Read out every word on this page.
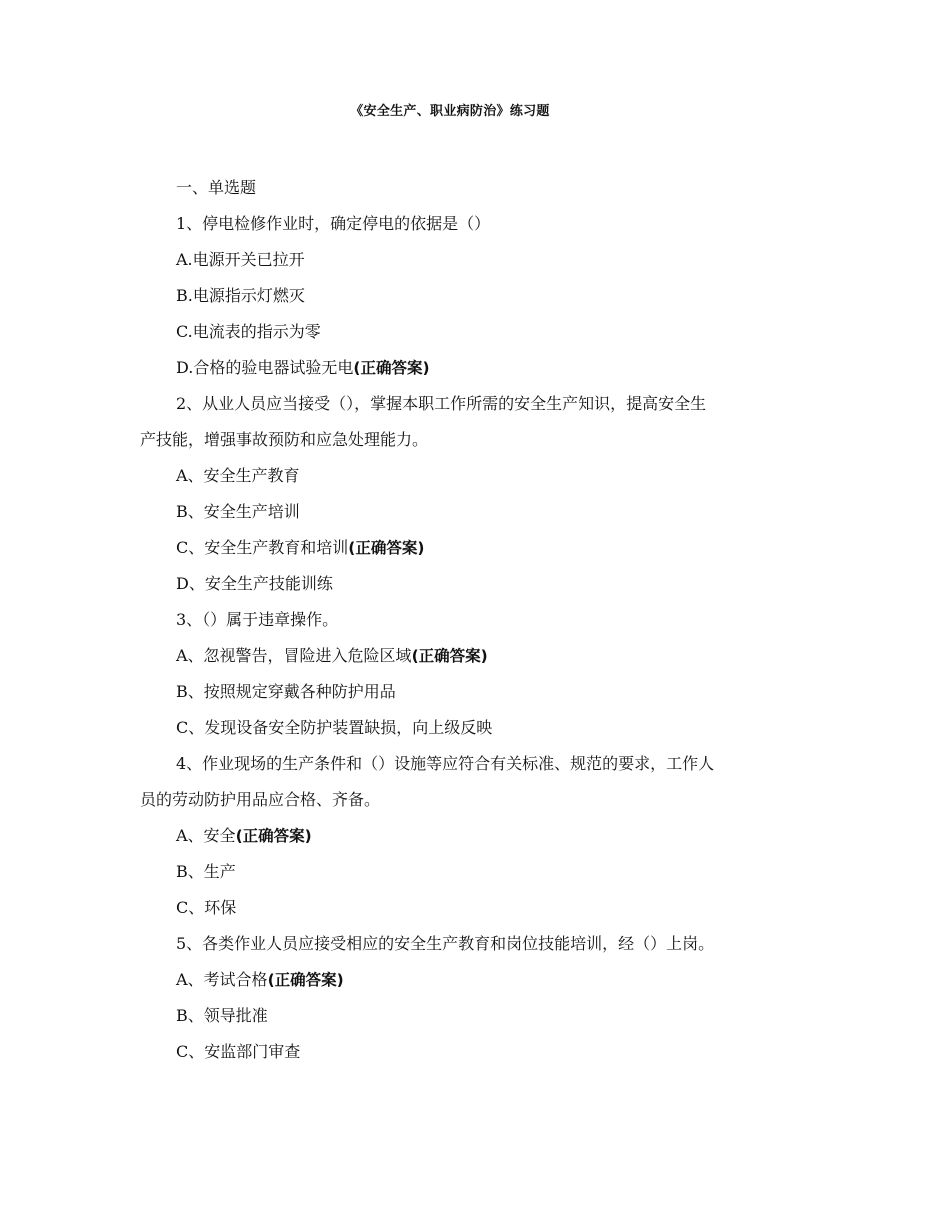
《安全生产、职业病防治》练习题
一、单选题
1、停电检修作业时，确定停电的依据是（）
A.电源开关已拉开
B.电源指示灯燃灭
C.电流表的指示为零
D.合格的验电器试验无电(正确答案)
2、从业人员应当接受（），掌握本职工作所需的安全生产知识，提高安全生
产技能，增强事故预防和应急处理能力。
A、安全生产教育
B、安全生产培训
C、安全生产教育和培训(正确答案)
D、安全生产技能训练
3、（）属于违章操作。
A、忽视警告，冒险进入危险区域(正确答案)
B、按照规定穿戴各种防护用品
C、发现设备安全防护装置缺损，向上级反映
4、作业现场的生产条件和（）设施等应符合有关标准、规范的要求，工作人
员的劳动防护用品应合格、齐备。
A、安全(正确答案)
B、生产
C、环保
5、各类作业人员应接受相应的安全生产教育和岗位技能培训，经（）上岗。
A、考试合格(正确答案)
B、领导批准
C、安监部门审查
